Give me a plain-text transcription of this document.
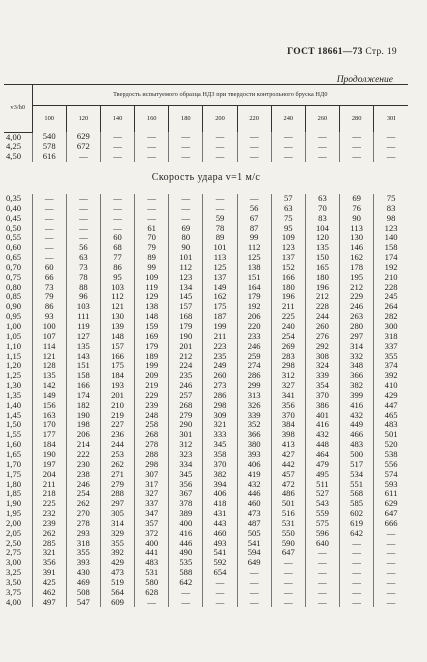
ГОСТ 18661—73 Стр. 19
Продолжение
v3/h0	Твердость испытуемого образца HД3 при твердости контрольного бруска HД0										
	100	120	140	160	180	200	220	240	260	280	30І
4,00	540	629	—	—	—	—	—	—	—	—	—
4,25	578	672	—	—	—	—	—	—	—	—	—
4,50	616	—	—	—	—	—	—	—	—	—	—
Скорость удара v=1 м/с											
0,35	—	—	—	—	—	—	—	57	63	69	75
0,40	—	—	—	—	—	—	56	63	70	76	83
0,45	—	—	—	—	—	59	67	75	83	90	98
0,50	—	—	—	61	69	78	87	95	104	113	123
0,55	—	—	60	70	80	89	99	109	120	130	140
0,60	—	56	68	79	90	101	112	123	135	146	158
0,65	—	63	77	89	101	113	125	137	150	162	174
0,70	60	73	86	99	112	125	138	152	165	178	192
0,75	66	78	95	109	123	137	151	166	180	195	210
0,80	73	88	103	119	134	149	164	180	196	212	228
0,85	79	96	112	129	145	162	179	196	212	229	245
0,90	86	103	121	138	157	175	192	211	228	246	264
0,95	93	111	130	148	168	187	206	225	244	263	282
1,00	100	119	139	159	179	199	220	240	260	280	300
1,05	107	127	148	169	190	211	233	254	276	297	318
1,10	114	135	157	179	201	223	246	269	292	314	337
1,15	121	143	166	189	212	235	259	283	308	332	355
1,20	128	151	175	199	224	249	274	298	324	348	374
1,25	135	158	184	209	235	260	286	312	339	366	392
1,30	142	166	193	219	246	273	299	327	354	382	410
1,35	149	174	201	229	257	286	313	341	370	399	429
1,40	156	182	210	239	268	298	326	356	386	416	447
1,45	163	190	219	248	279	309	339	370	401	432	465
1,50	170	198	227	258	290	321	352	384	416	449	483
1,55	177	206	236	268	301	333	366	398	432	466	501
1,60	184	214	244	278	312	345	380	413	448	483	520
1,65	190	222	253	288	323	358	393	427	464	500	538
1,70	197	230	262	298	334	370	406	442	479	517	556
1,75	204	238	271	307	345	382	419	457	495	534	574
1,80	211	246	279	317	356	394	432	472	511	551	593
1,85	218	254	288	327	367	406	446	486	527	568	611
1,90	225	262	297	337	378	418	460	501	543	585	629
1,95	232	270	305	347	389	431	473	516	559	602	647
2,00	239	278	314	357	400	443	487	531	575	619	666
2,05	262	293	329	372	416	460	505	550	596	642	—
2,50	285	318	355	400	446	493	541	590	640	—	—
2,75	321	355	392	441	490	541	594	647	—	—	—
3,00	356	393	429	483	535	592	649	—	—	—	—
3,25	391	430	473	531	588	654	—	—	—	—	—
3,50	425	469	519	580	642	—	—	—	—	—	—
3,75	462	508	564	628	—	—	—	—	—	—	—
4,00	497	547	609	—	—	—	—	—	—	—	—
